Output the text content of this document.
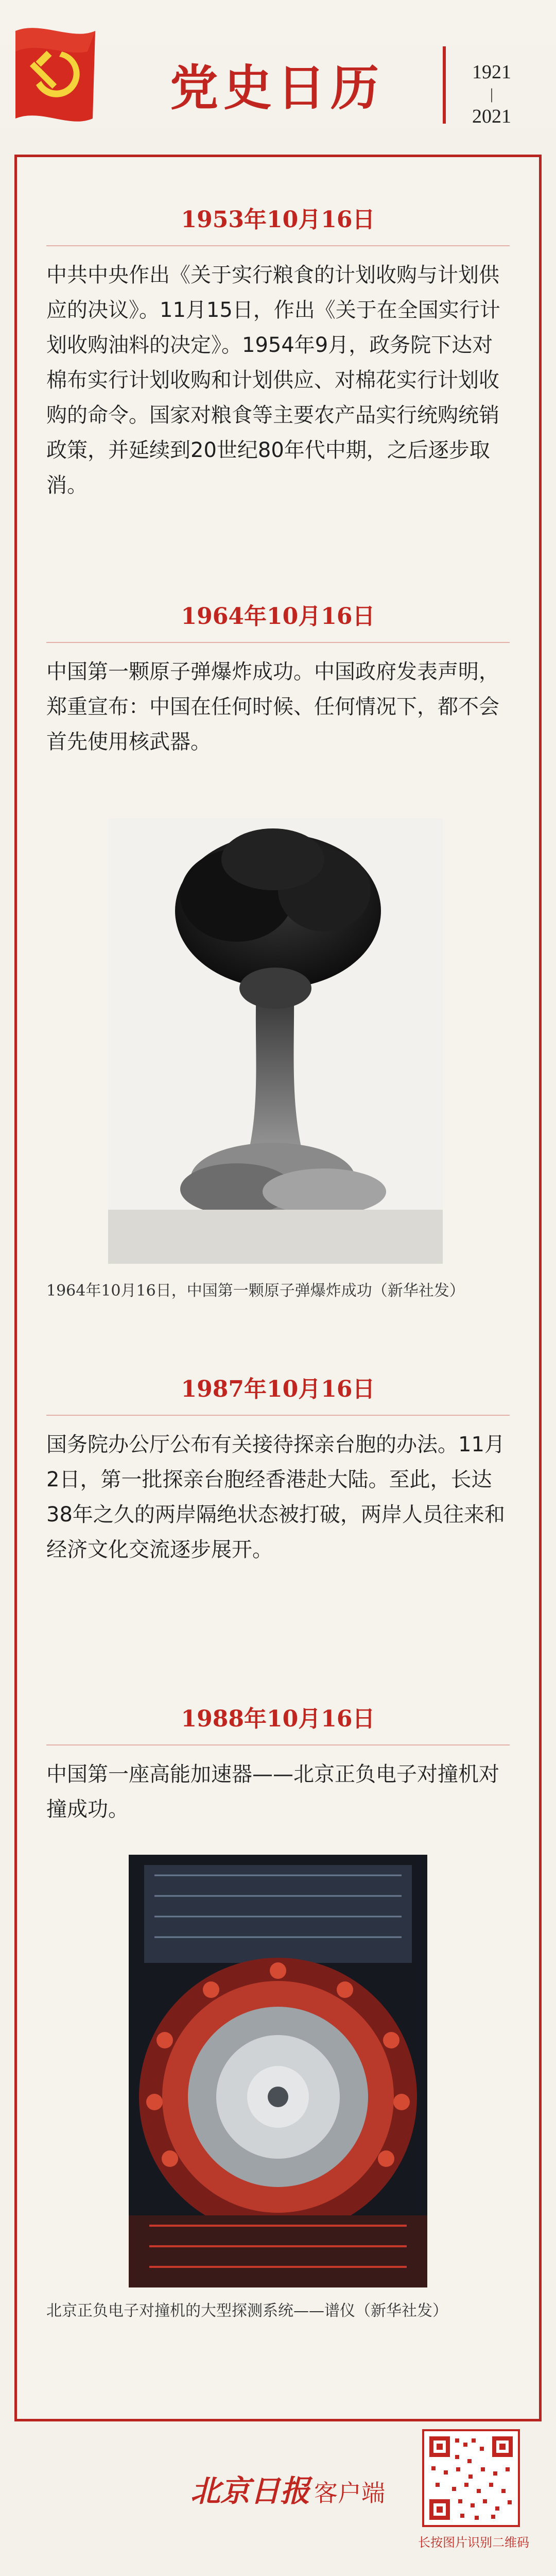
党史日历	1921
|
2021

1953年10月16日

中共中央作出《关于实行粮食的计划收购与计划供应的决议》。11月15日，作出《关于在全国实行计划收购油料的决定》。1954年9月，政务院下达对棉布实行计划收购和计划供应、对棉花实行计划收购的命令。国家对粮食等主要农产品实行统购统销政策，并延续到20世纪80年代中期，之后逐步取消。

1964年10月16日

中国第一颗原子弹爆炸成功。中国政府发表声明，郑重宣布：中国在任何时候、任何情况下，都不会首先使用核武器。

1964年10月16日，中国第一颗原子弹爆炸成功（新华社发）

1987年10月16日

国务院办公厅公布有关接待探亲台胞的办法。11月2日，第一批探亲台胞经香港赴大陆。至此，长达38年之久的两岸隔绝状态被打破，两岸人员往来和经济文化交流逐步展开。

1988年10月16日

中国第一座高能加速器——北京正负电子对撞机对撞成功。

北京正负电子对撞机的大型探测系统——谱仪（新华社发）

北京日报 客户端
长按图片识别二维码
